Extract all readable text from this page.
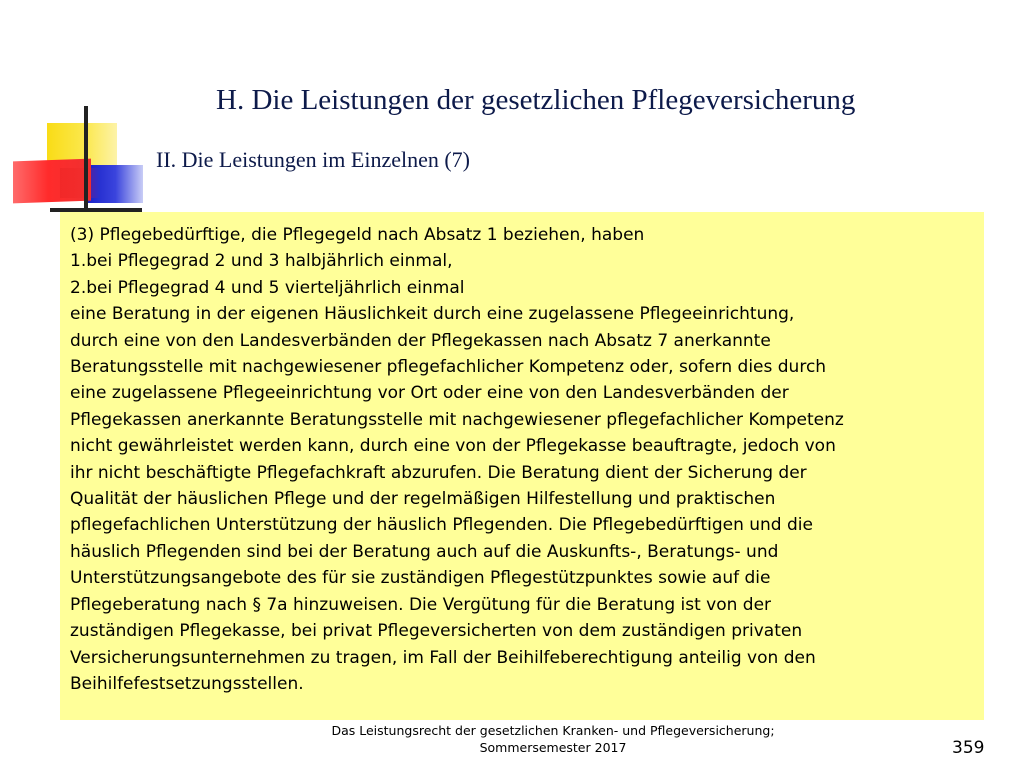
H. Die Leistungen der gesetzlichen Pflegeversicherung
II. Die Leistungen im Einzelnen (7)

(3) Pflegebedürftige, die Pflegegeld nach Absatz 1 beziehen, haben

1.bei Pflegegrad 2 und 3 halbjährlich einmal,

2.bei Pflegegrad 4 und 5 vierteljährlich einmal

eine Beratung in der eigenen Häuslichkeit durch eine zugelassene Pflegeeinrichtung,

durch eine von den Landesverbänden der Pflegekassen nach Absatz 7 anerkannte

Beratungsstelle mit nachgewiesener pflegefachlicher Kompetenz oder, sofern dies durch

eine zugelassene Pflegeeinrichtung vor Ort oder eine von den Landesverbänden der

Pflegekassen anerkannte Beratungsstelle mit nachgewiesener pflegefachlicher Kompetenz

nicht gewährleistet werden kann, durch eine von der Pflegekasse beauftragte, jedoch von

ihr nicht beschäftigte Pflegefachkraft abzurufen. Die Beratung dient der Sicherung der

Qualität der häuslichen Pflege und der regelmäßigen Hilfestellung und praktischen

pflegefachlichen Unterstützung der häuslich Pflegenden. Die Pflegebedürftigen und die

häuslich Pflegenden sind bei der Beratung auch auf die Auskunfts-, Beratungs- und

Unterstützungsangebote des für sie zuständigen Pflegestützpunktes sowie auf die

Pflegeberatung nach § 7a hinzuweisen. Die Vergütung für die Beratung ist von der

zuständigen Pflegekasse, bei privat Pflegeversicherten von dem zuständigen privaten

Versicherungsunternehmen zu tragen, im Fall der Beihilfeberechtigung anteilig von den

Beihilfefestsetzungsstellen.

Das Leistungsrecht der gesetzlichen Kranken- und Pflegeversicherung;
Sommersemester 2017	359
